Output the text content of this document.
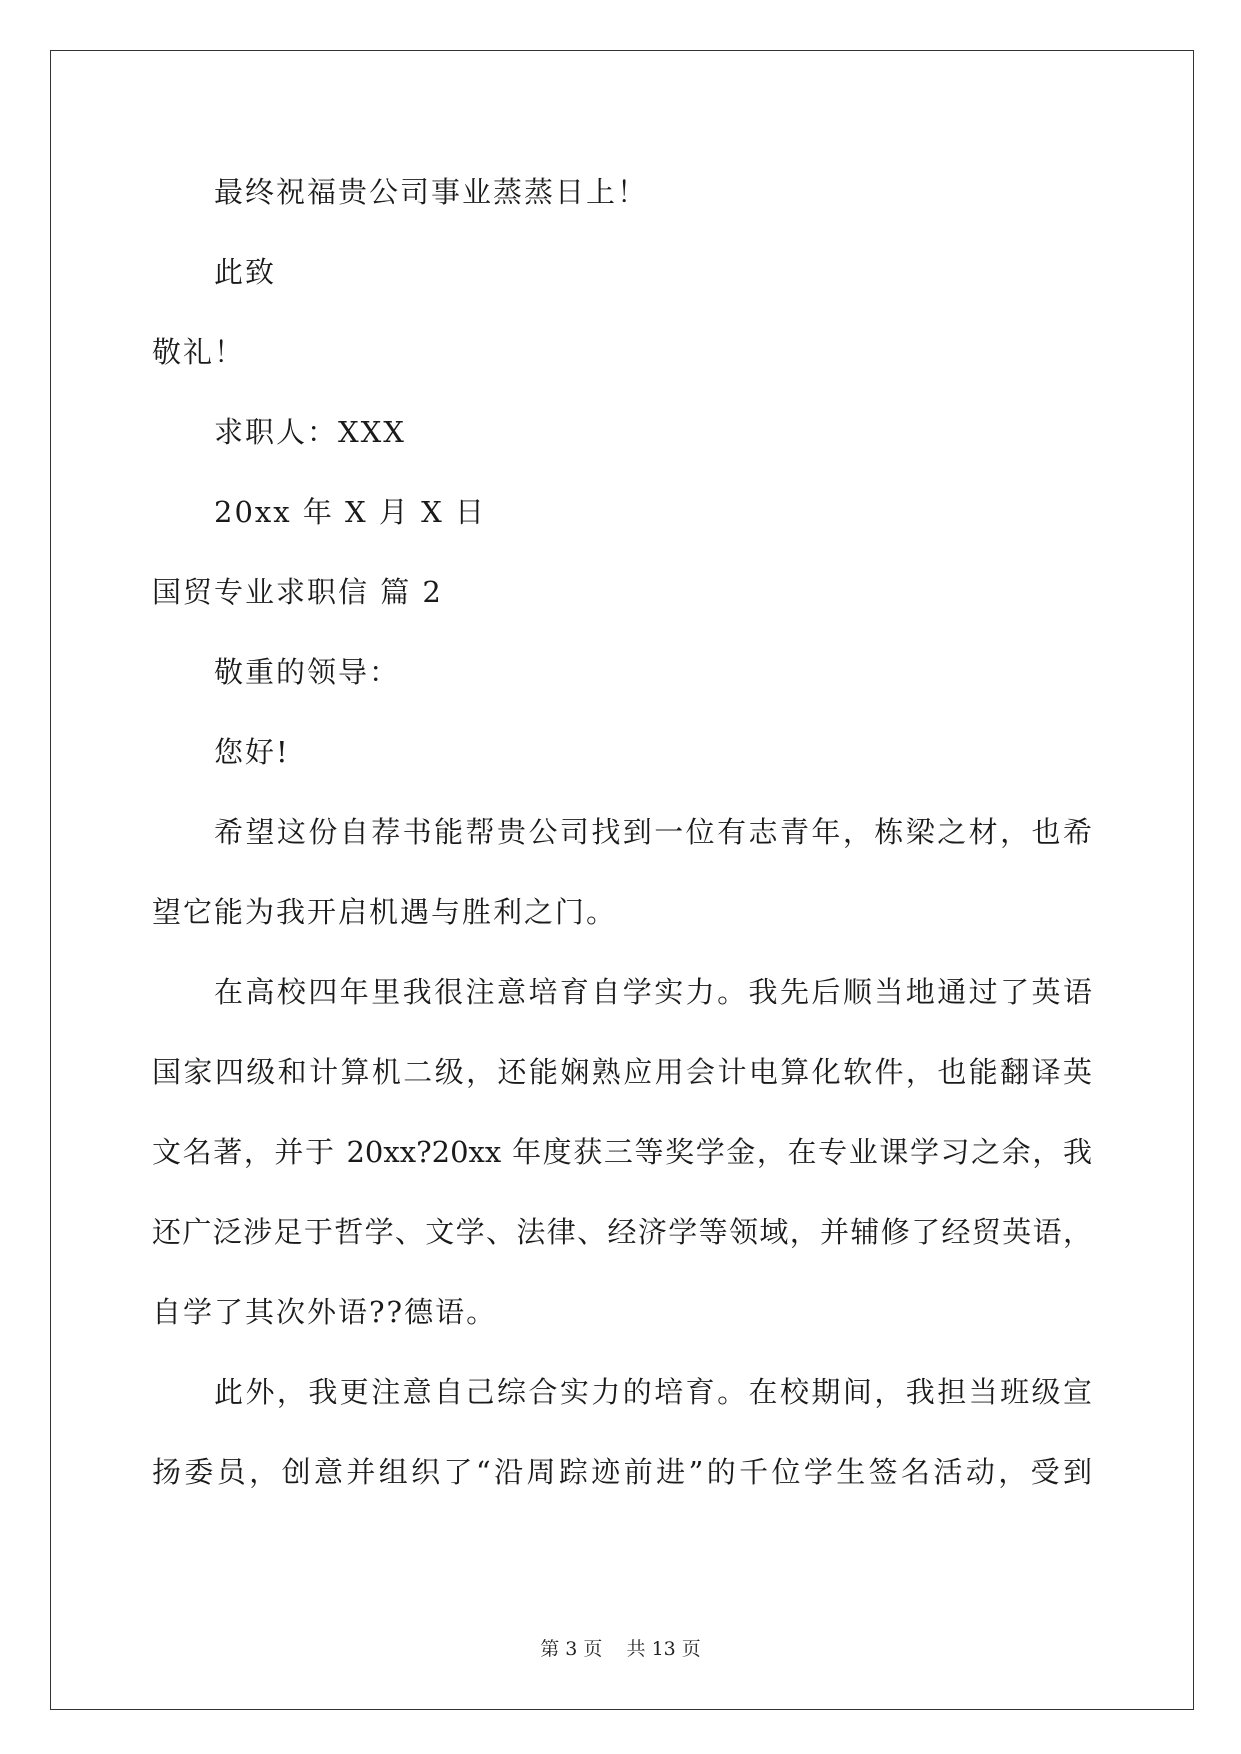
最终祝福贵公司事业蒸蒸日上！
此致
敬礼！
求职人：XXX
20xx 年 X 月 X 日
国贸专业求职信 篇 2
敬重的领导：
您好!
希望这份自荐书能帮贵公司找到一位有志青年，栋梁之材，也希
望它能为我开启机遇与胜利之门。
在高校四年里我很注意培育自学实力。我先后顺当地通过了英语
国家四级和计算机二级，还能娴熟应用会计电算化软件，也能翻译英
文名著，并于 20xx?20xx 年度获三等奖学金，在专业课学习之余，我
还广泛涉足于哲学、文学、法律、经济学等领域，并辅修了经贸英语，
自学了其次外语??德语。
此外，我更注意自己综合实力的培育。在校期间，我担当班级宣
扬委员，创意并组织了“沿周踪迹前进”的千位学生签名活动，受到
第 3 页    共 13 页
